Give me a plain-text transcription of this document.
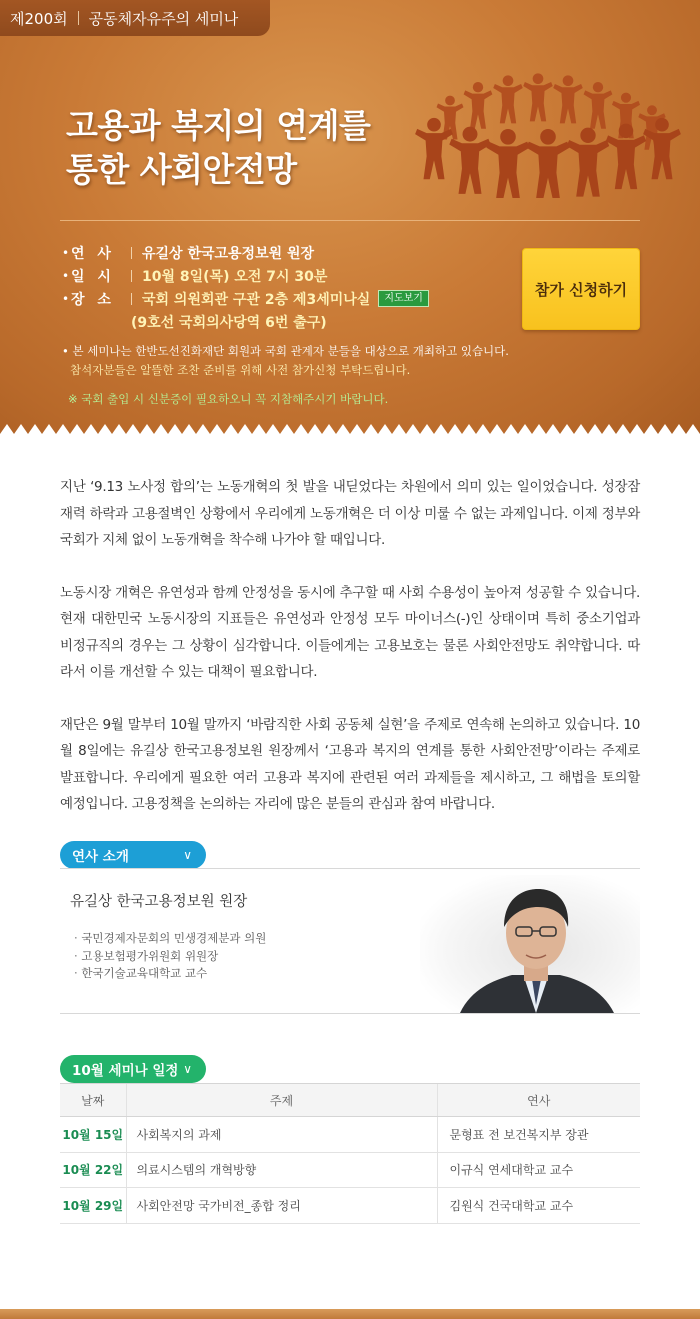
제200회 공동체자유주의 세미나
고용과 복지의 연계를
통한 사회안전망
• 연 사	유길상 한국고용정보원 원장
• 일 시	10월 8일(목) 오전 7시 30분
• 장 소	국회 의원회관 구관 2층 제3세미나실	지도보기
(9호선 국회의사당역 6번 출구)
• 본 세미나는 한반도선진화재단 회원과 국회 관계자 분들을 대상으로 개최하고 있습니다.
참석자분들은 알뜰한 조찬 준비를 위해 사전 참가신청 부탁드립니다.
※ 국회 출입 시 신분증이 필요하오니 꼭 지참해주시기 바랍니다.
참가 신청하기

지난 ‘9.13 노사정 합의’는 노동개혁의 첫 발을 내딛었다는 차원에서 의미 있는 일이었습니다. 성장잠재력 하락과 고용절벽인 상황에서 우리에게 노동개혁은 더 이상 미룰 수 없는 과제입니다. 이제 정부와 국회가 지체 없이 노동개혁을 착수해 나가야 할 때입니다.

노동시장 개혁은 유연성과 함께 안정성을 동시에 추구할 때 사회 수용성이 높아져 성공할 수 있습니다. 현재 대한민국 노동시장의 지표들은 유연성과 안정성 모두 마이너스(-)인 상태이며 특히 중소기업과 비정규직의 경우는 그 상황이 심각합니다. 이들에게는 고용보호는 물론 사회안전망도 취약합니다. 따라서 이를 개선할 수 있는 대책이 필요합니다.

재단은 9월 말부터 10월 말까지 ‘바람직한 사회 공동체 실현’을 주제로 연속해 논의하고 있습니다. 10월 8일에는 유길상 한국고용정보원 원장께서 ‘고용과 복지의 연계를 통한 사회안전망’이라는 주제로 발표합니다. 우리에게 필요한 여러 고용과 복지에 관련된 여러 과제들을 제시하고, 그 해법을 토의할 예정입니다. 고용정책을 논의하는 자리에 많은 분들의 관심과 참여 바랍니다.

연사 소개	∨
유길상 한국고용정보원 원장
· 국민경제자문회의 민생경제분과 의원
· 고용보험평가위원회 위원장
· 한국기술교육대학교 교수
10월 세미나 일정 ∨
날짜	주제	연사
10월 15일	사회복지의 과제	문형표 전 보건복지부 장관
10월 22일	의료시스템의 개혁방향	이규식 연세대학교 교수
10월 29일	사회안전망 국가비전_종합 정리	김원식 건국대학교 교수
